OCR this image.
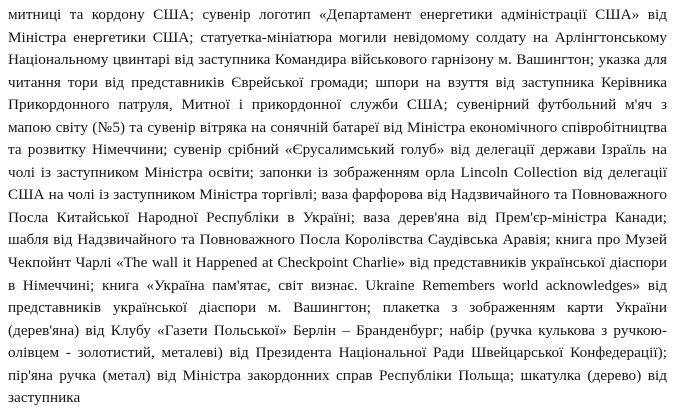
митниці та кордону США; сувенір логотип «Департамент енергетики адміністрації США» від Міністра енергетики США; статуетка-мініатюра могили невідомому солдату на Арлінгтонському Національному цвинтарі від заступника Командира військового гарнізону м. Вашингтон; указка для читання тори від представників Єврейської громади; шпори на взуття від заступника Керівника Прикордонного патруля, Митної і прикордонної служби США; сувенірний футбольний м'яч з мапою світу (№5) та сувенір вітряка на сонячній батареї від Міністра економічного співробітництва та розвитку Німеччини; сувенір срібний «Єрусалимський голуб» від делегації держави Ізраїль на чолі із заступником Міністра освіти; запонки із зображенням орла Lincoln Collection від делегації США на чолі із заступником Міністра торгівлі; ваза фарфорова від Надзвичайного та Повноважного Посла Китайської Народної Республіки в Україні; ваза дерев'яна від Прем'єр-міністра Канади; шабля від Надзвичайного та Повноважного Посла Королівства Саудівська Аравія; книга про Музей Чекпойнт Чарлі «The wall it Happened at Checkpoint Charlie» від представників української діаспори в Німеччині; книга «Україна пам'ятає, світ визнає. Ukraine Remembers world acknowledges» від представників української діаспори м. Вашингтон; плакетка з зображенням карти України (дерев'яна) від Клубу «Газети Польської» Берлін – Бранденбург; набір (ручка кулькова з ручкою-олівцем - золотистий, металеві) від Президента Національної Ради Швейцарської Конфедерації); пір'яна ручка (метал) від Міністра закордонних справ Республіки Польща; шкатулка (дерево) від заступника
